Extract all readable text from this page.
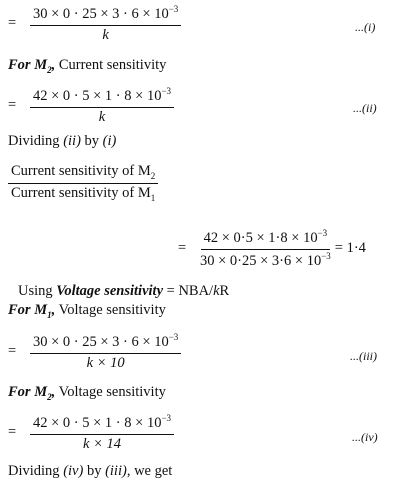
= $\frac{30 \times 0 \cdot 25 \times 3 \cdot 6 \times 10^{-3}}{k}$	...(i)
For $M_2$, Current sensitivity
= $\frac{42 \times 0 \cdot 5 \times 1 \cdot 8 \times 10^{-3}}{k}$	...(ii)
Dividing (ii) by (i)
$\frac{Current sensitivity of M_2}{Current sensitivity of M_1}$
= $\frac{42 \times 0\cdot 5 \times 1\cdot 8 \times 10^{-3}}{30 \times 0\cdot 25 \times 3\cdot 6 \times 10^{-3}} = 1\cdot 4$
Using Voltage sensitivity = NBA/kR
For $M_1$, Voltage sensitivity
= $\frac{30 \times 0 \cdot 25 \times 3 \cdot 6 \times 10^{-3}}{k \times 10}$	...(iii)
For $M_2$, Voltage sensitivity
= $\frac{42 \times 0 \cdot 5 \times 1 \cdot 8 \times 10^{-3}}{k \times 14}$	...(iv)
Dividing (iv) by (iii), we get
